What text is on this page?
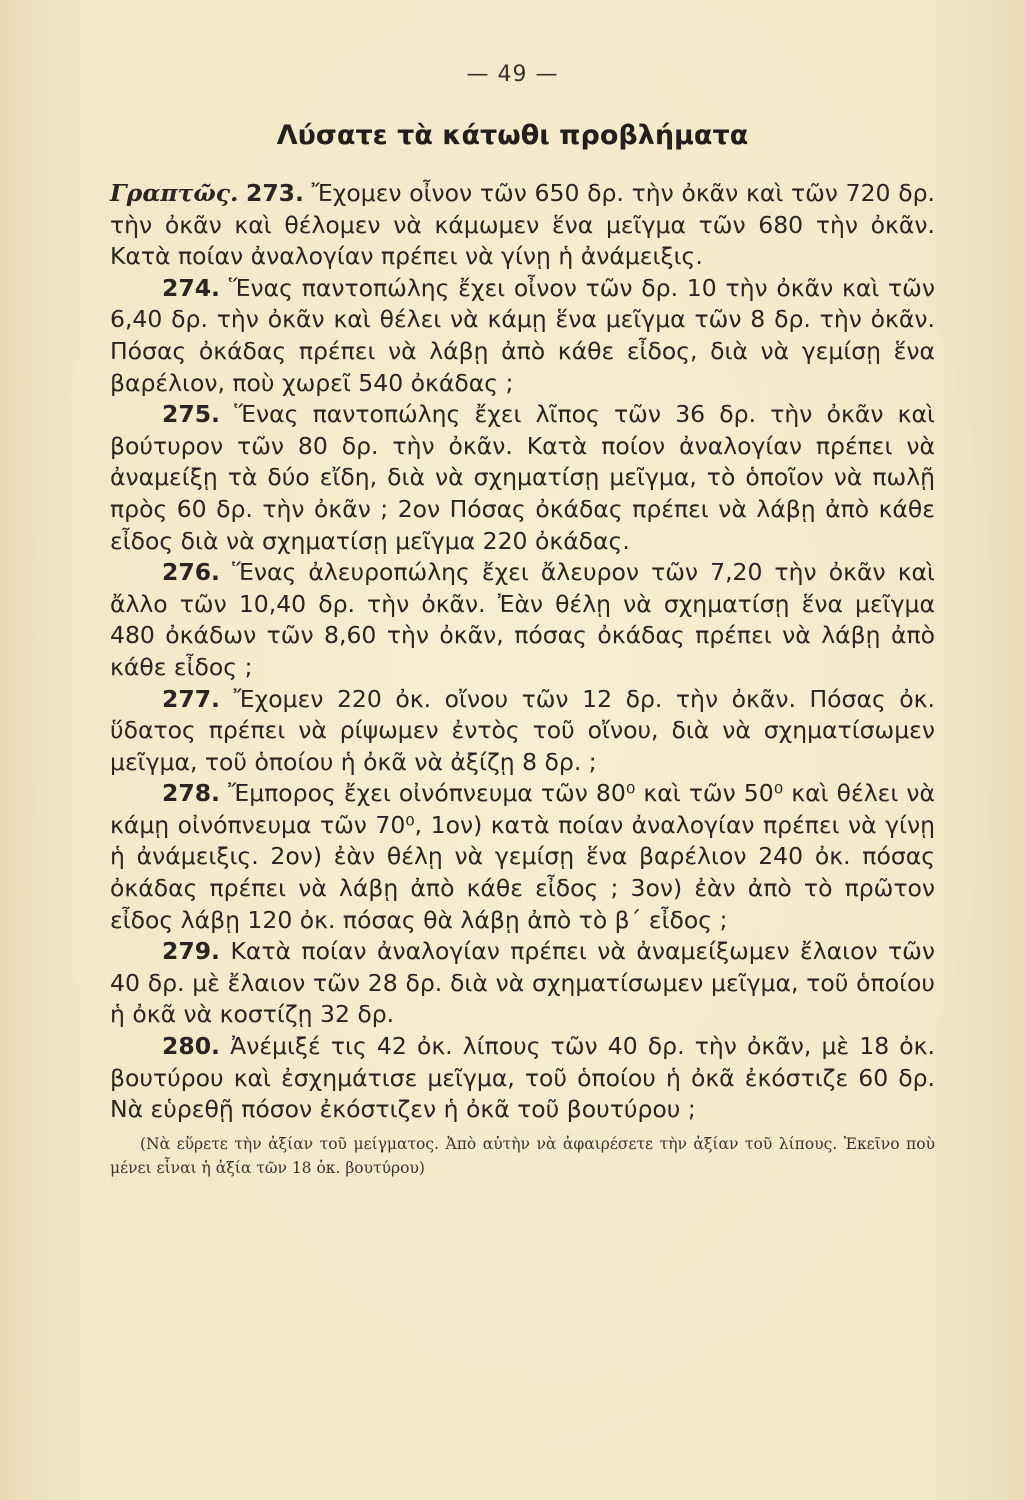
— 49 —
Λύσατε τὰ κάτωθι προβλήματα

Γραπτῶς. 273. Ἔχομεν οἶνον τῶν 650 δρ. τὴν ὀκᾶν καὶ τῶν 720 δρ. τὴν ὀκᾶν καὶ θέλομεν νὰ κάμωμεν ἕνα μεῖγμα τῶν 680 τὴν ὀκᾶν. Κατὰ ποίαν ἀναλογίαν πρέπει νὰ γίνῃ ἡ ἀνάμειξις.

274. Ἕνας παντοπώλης ἔχει οἶνον τῶν δρ. 10 τὴν ὀκᾶν καὶ τῶν 6,40 δρ. τὴν ὀκᾶν καὶ θέλει νὰ κάμῃ ἕνα μεῖγμα τῶν 8 δρ. τὴν ὀκᾶν. Πόσας ὀκάδας πρέπει νὰ λάβῃ ἀπὸ κάθε εἶδος, διὰ νὰ γεμίσῃ ἕνα βαρέλιον, ποὺ χωρεῖ 540 ὀκάδας ;

275. Ἕνας παντοπώλης ἔχει λῖπος τῶν 36 δρ. τὴν ὀκᾶν καὶ βούτυρον τῶν 80 δρ. τὴν ὀκᾶν. Κατὰ ποίον ἀναλογίαν πρέπει νὰ ἀναμείξῃ τὰ δύο εἴδη, διὰ νὰ σχηματίσῃ μεῖγμα, τὸ ὁποῖον νὰ πωλῇ πρὸς 60 δρ. τὴν ὀκᾶν ; 2ον Πόσας ὀκάδας πρέπει νὰ λάβῃ ἀπὸ κάθε εἶδος διὰ νὰ σχηματίσῃ μεῖγμα 220 ὀκάδας.

276. Ἕνας ἀλευροπώλης ἔχει ἄλευρον τῶν 7,20 τὴν ὀκᾶν καὶ ἄλλο τῶν 10,40 δρ. τὴν ὀκᾶν. Ἐὰν θέλῃ νὰ σχηματίσῃ ἕνα μεῖγμα 480 ὀκάδων τῶν 8,60 τὴν ὀκᾶν, πόσας ὀκάδας πρέπει νὰ λάβῃ ἀπὸ κάθε εἶδος ;

277. Ἔχομεν 220 ὀκ. οἴνου τῶν 12 δρ. τὴν ὀκᾶν. Πόσας ὀκ. ὕδατος πρέπει νὰ ρίψωμεν ἐντὸς τοῦ οἴνου, διὰ νὰ σχηματίσωμεν μεῖγμα, τοῦ ὁποίου ἡ ὀκᾶ νὰ ἀξίζῃ 8 δρ. ;

278. Ἔμπορος ἔχει οἰνόπνευμα τῶν 80⁰ καὶ τῶν 50⁰ καὶ θέλει νὰ κάμῃ οἰνόπνευμα τῶν 70⁰, 1ον) κατὰ ποίαν ἀναλογίαν πρέπει νὰ γίνῃ ἡ ἀνάμειξις. 2ον) ἐὰν θέλῃ νὰ γεμίσῃ ἕνα βαρέλιον 240 ὀκ. πόσας ὀκάδας πρέπει νὰ λάβῃ ἀπὸ κάθε εἶδος ; 3ον) ἐὰν ἀπὸ τὸ πρῶτον εἶδος λάβῃ 120 ὀκ. πόσας θὰ λάβῃ ἀπὸ τὸ β΄ εἶδος ;

279. Κατὰ ποίαν ἀναλογίαν πρέπει νὰ ἀναμείξωμεν ἔλαιον τῶν 40 δρ. μὲ ἔλαιον τῶν 28 δρ. διὰ νὰ σχηματίσωμεν μεῖγμα, τοῦ ὁποίου ἡ ὀκᾶ νὰ κοστίζῃ 32 δρ.

280. Ἀνέμιξέ τις 42 ὀκ. λίπους τῶν 40 δρ. τὴν ὀκᾶν, μὲ 18 ὀκ. βουτύρου καὶ ἐσχημάτισε μεῖγμα, τοῦ ὁποίου ἡ ὀκᾶ ἐκόστιζε 60 δρ. Νὰ εὑρεθῇ πόσον ἐκόστιζεν ἡ ὀκᾶ τοῦ βουτύρου ;

(Νὰ εὕρετε τὴν ἀξίαν τοῦ μείγματος. Ἀπὸ αὐτὴν νὰ ἀφαιρέσετε τὴν ἀξίαν τοῦ λίπους. Ἐκεῖνο ποὺ μένει εἶναι ἡ ἀξία τῶν 18 ὀκ. βουτύρου)
